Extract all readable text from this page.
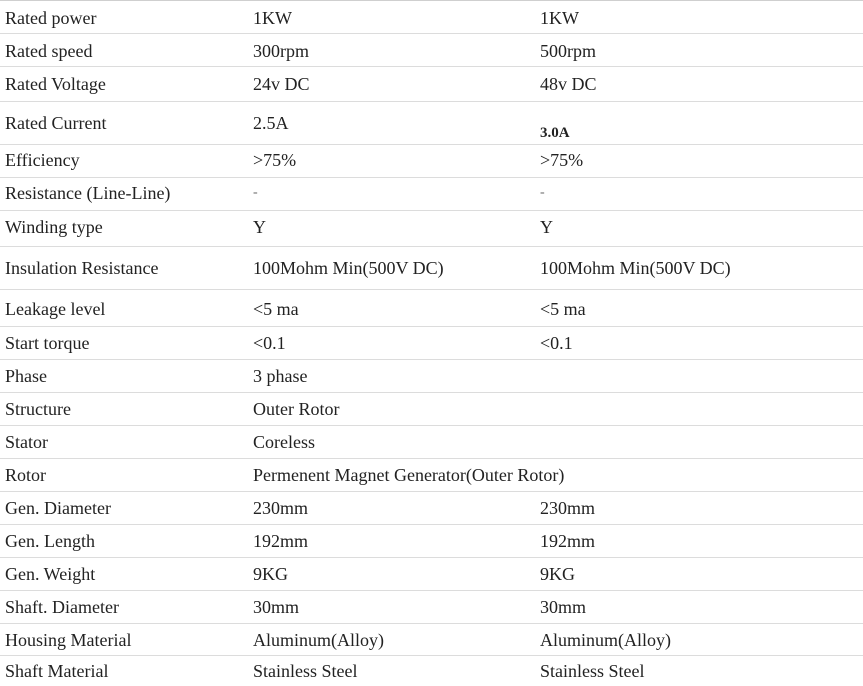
Rated power	1KW	1KW
Rated speed	300rpm	500rpm
Rated Voltage	24v DC	48v DC
Rated Current	2.5A	3.0A
Efficiency	>75%	>75%
Resistance (Line-Line)	-	-
Winding type	Y	Y
Insulation Resistance	100Mohm Min(500V DC)	100Mohm Min(500V DC)
Leakage level	<5 ma	<5 ma
Start torque	<0.1	<0.1
Phase	3 phase
Structure	Outer Rotor
Stator	Coreless
Rotor	Permenent Magnet Generator(Outer Rotor)
Gen. Diameter	230mm	230mm
Gen. Length	192mm	192mm
Gen. Weight	9KG	9KG
Shaft. Diameter	30mm	30mm
Housing Material	Aluminum(Alloy)	Aluminum(Alloy)
Shaft Material	Stainless Steel	Stainless Steel
